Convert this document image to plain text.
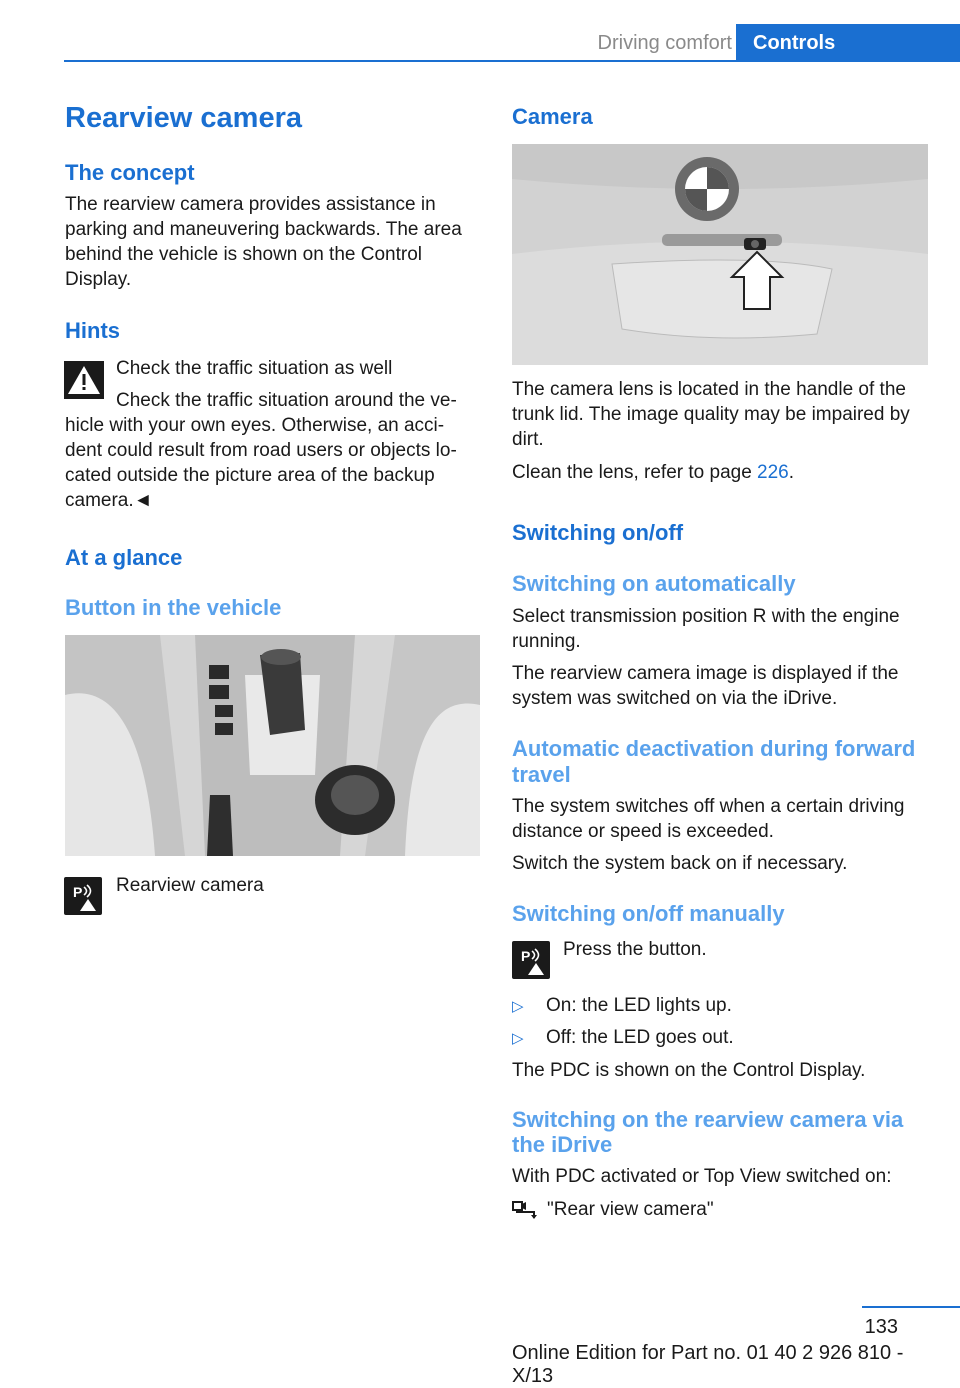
Driving comfort	Controls
Rearview camera
The concept
The rearview camera provides assistance in parking and maneuvering backwards. The area behind the vehicle is shown on the Control Display.
Hints
Check the traffic situation as well
Check the traffic situation around the ve-
hicle with your own eyes. Otherwise, an acci-
dent could result from road users or objects lo-
cated outside the picture area of the backup
camera.◄
At a glance
Button in the vehicle
P Rearview camera
Camera
The camera lens is located in the handle of the trunk lid. The image quality may be impaired by dirt.
Clean the lens, refer to page 226.
Switching on/off
Switching on automatically
Select transmission position R with the engine running.
The rearview camera image is displayed if the system was switched on via the iDrive.
Automatic deactivation during forward travel
The system switches off when a certain driving distance or speed is exceeded.
Switch the system back on if necessary.
Switching on/off manually
P Press the button.
▷ On: the LED lights up.
▷ Off: the LED goes out.
The PDC is shown on the Control Display.
Switching on the rearview camera via the iDrive
With PDC activated or Top View switched on:
"Rear view camera"
133
Online Edition for Part no. 01 40 2 926 810 - X/13
